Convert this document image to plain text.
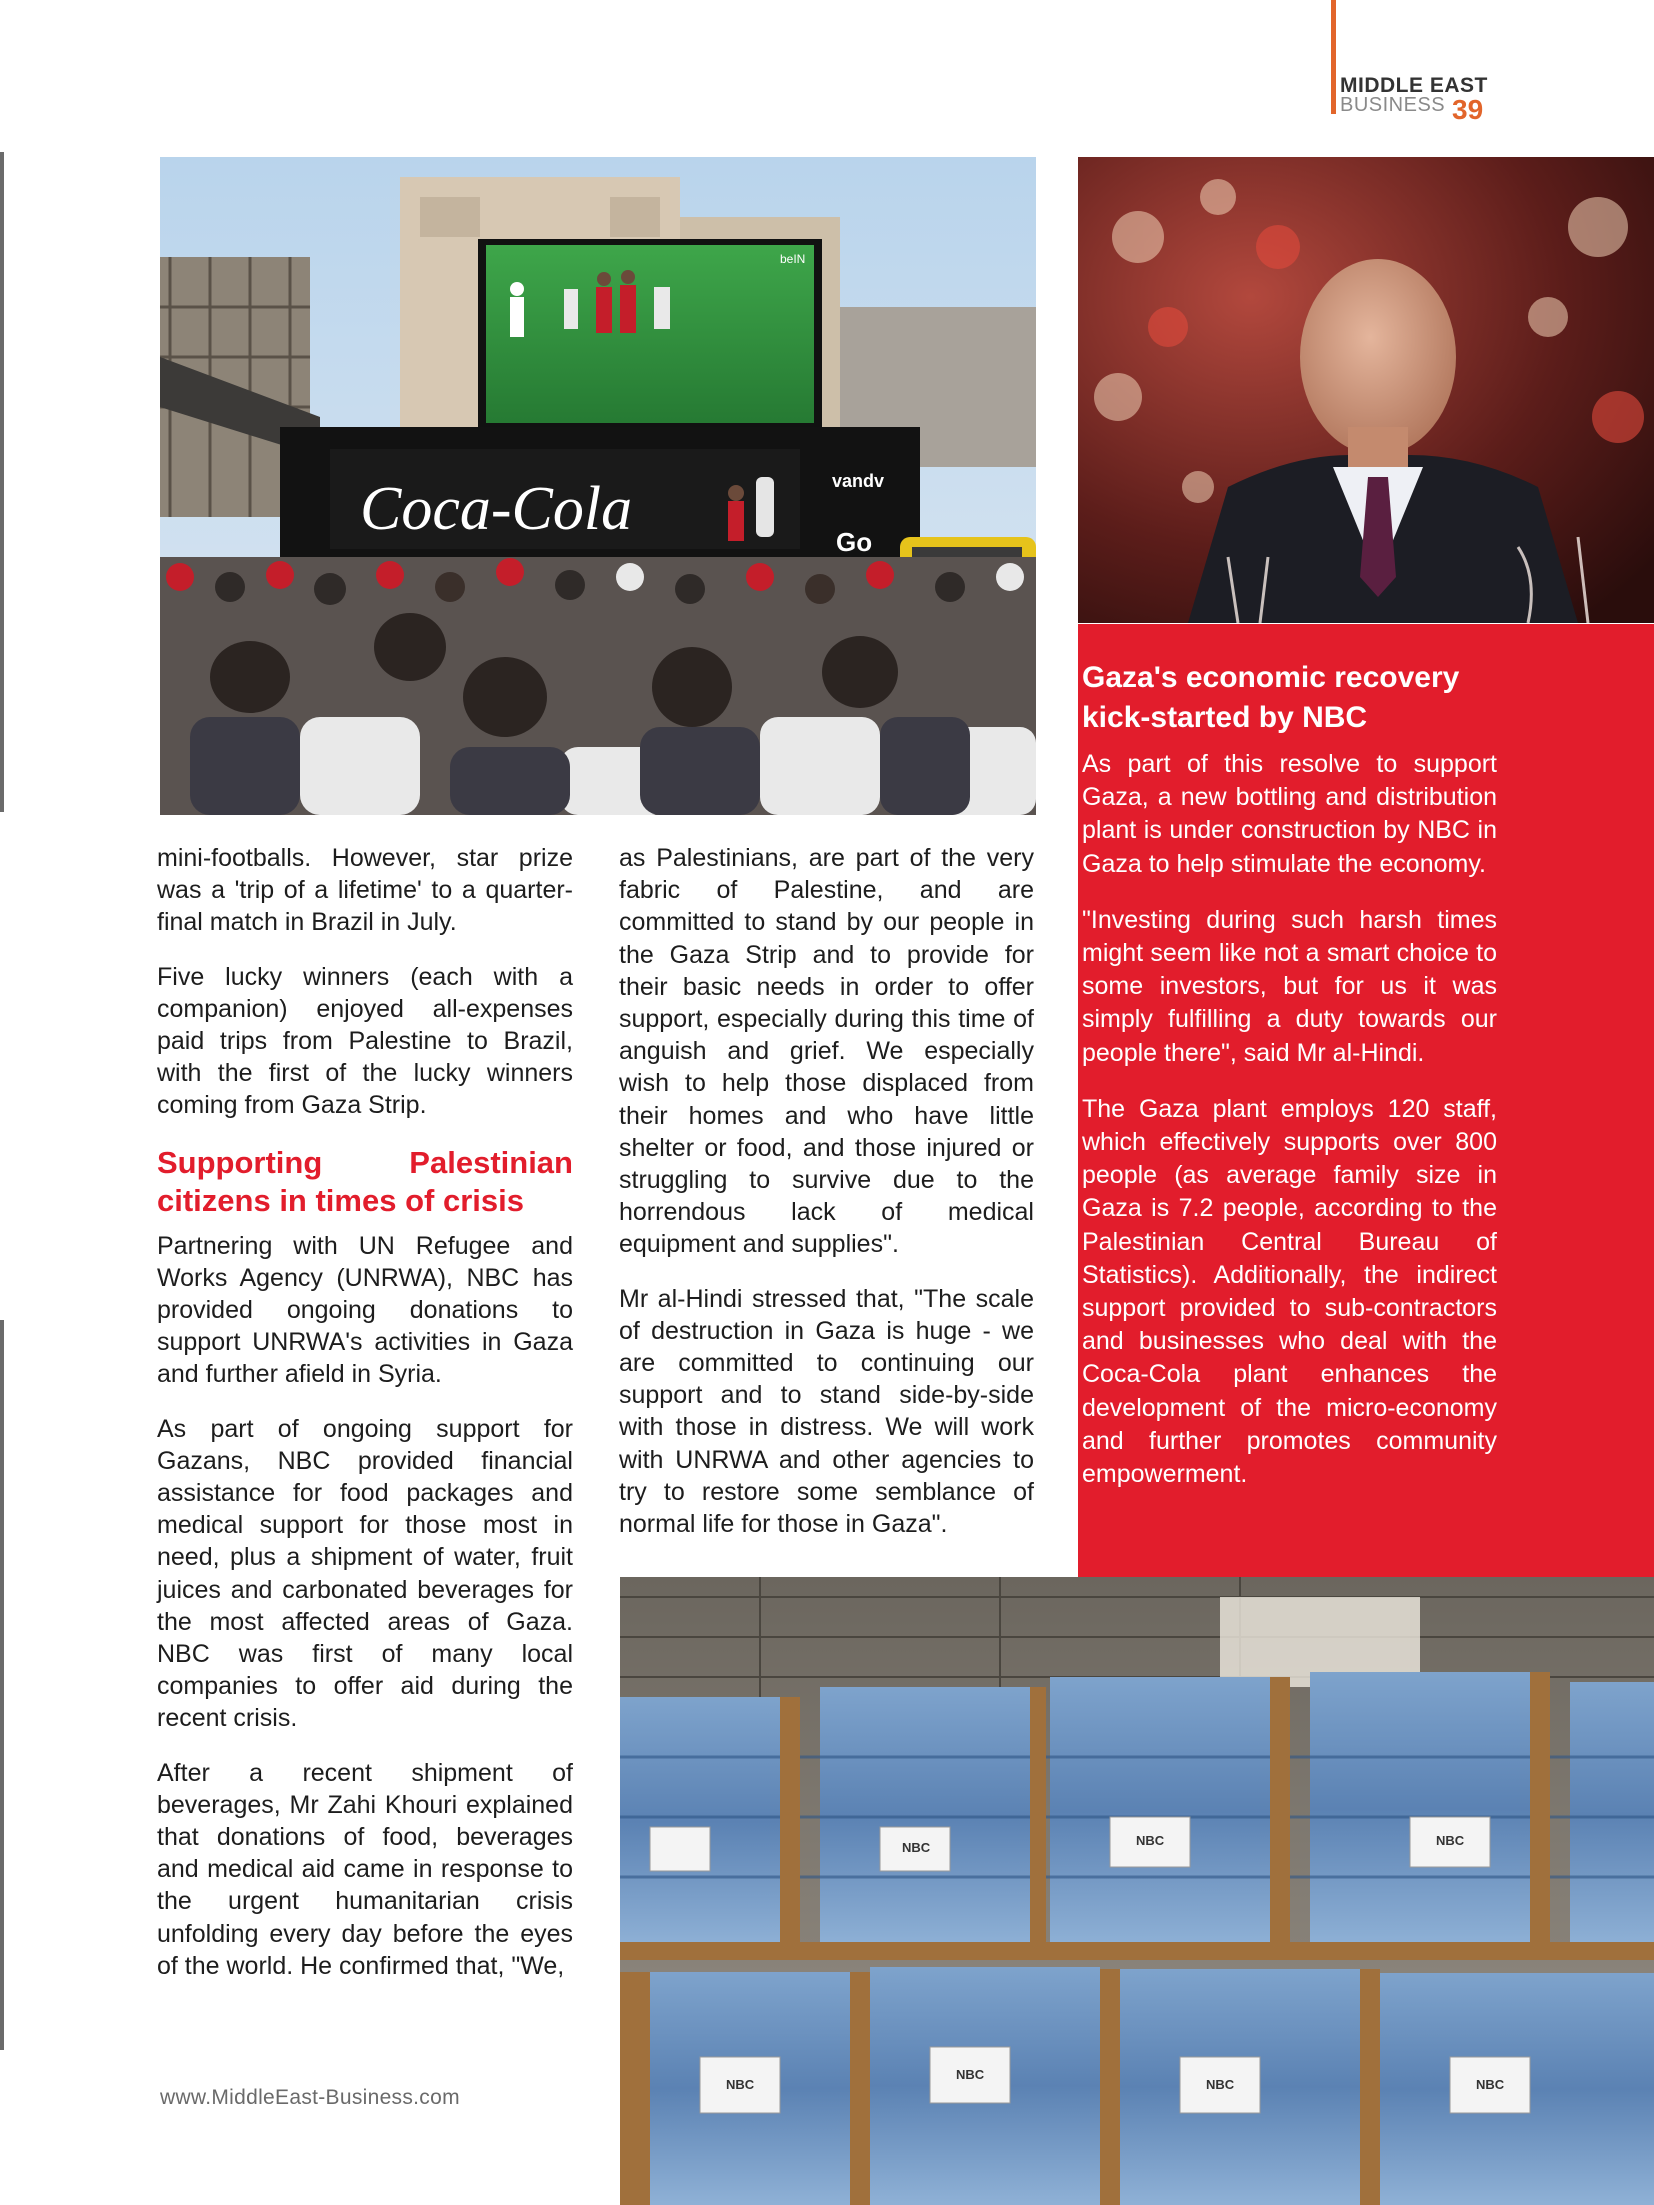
MIDDLE EAST
BUSINESS 39
beIN
Coca-Cola	vandv
Go
NBC	NBC	NBC
NBC
NBC
NBC	NBC
Gaza's economic recovery kick-started by NBC

As part of this resolve to support Gaza, a new bottling and distribution plant is under construction by NBC in Gaza to help stimulate the economy.

"Investing during such harsh times might seem like not a smart choice to some investors, but for us it was simply fulfilling a duty towards our people there", said Mr al-Hindi.

The Gaza plant employs 120 staff, which effectively supports over 800 people (as average family size in Gaza is 7.2 people, according to the Palestinian Central Bureau of Statistics). Additionally, the indirect support provided to sub-contractors and businesses who deal with the Coca-Cola plant enhances the development of the micro-economy and further promotes community empowerment.

mini-footballs. However, star prize was a 'trip of a lifetime' to a quarter-final match in Brazil in July.

Five lucky winners (each with a companion) enjoyed all-expenses paid trips from Palestine to Brazil, with the first of the lucky winners coming from Gaza Strip.

Supporting Palestinian citizens in times of crisis

Partnering with UN Refugee and Works Agency (UNRWA), NBC has provided ongoing donations to support UNRWA's activities in Gaza and further afield in Syria.

As part of ongoing support for Gazans, NBC provided financial assistance for food packages and medical support for those most in need, plus a shipment of water, fruit juices and carbonated beverages for the most affected areas of Gaza. NBC was first of many local companies to offer aid during the recent crisis.

After a recent shipment of beverages, Mr Zahi Khouri explained that donations of food, beverages and medical aid came in response to the urgent humanitarian crisis unfolding every day before the eyes of the world. He confirmed that, "We,

as Palestinians, are part of the very fabric of Palestine, and are committed to stand by our people in the Gaza Strip and to provide for their basic needs in order to offer support, especially during this time of anguish and grief. We especially wish to help those displaced from their homes and who have little shelter or food, and those injured or struggling to survive due to the horrendous lack of medical equipment and supplies".

Mr al-Hindi stressed that, "The scale of destruction in Gaza is huge - we are committed to continuing our support and to stand side-by-side with those in distress. We will work with UNRWA and other agencies to try to restore some semblance of normal life for those in Gaza".

www.MiddleEast-Business.com
